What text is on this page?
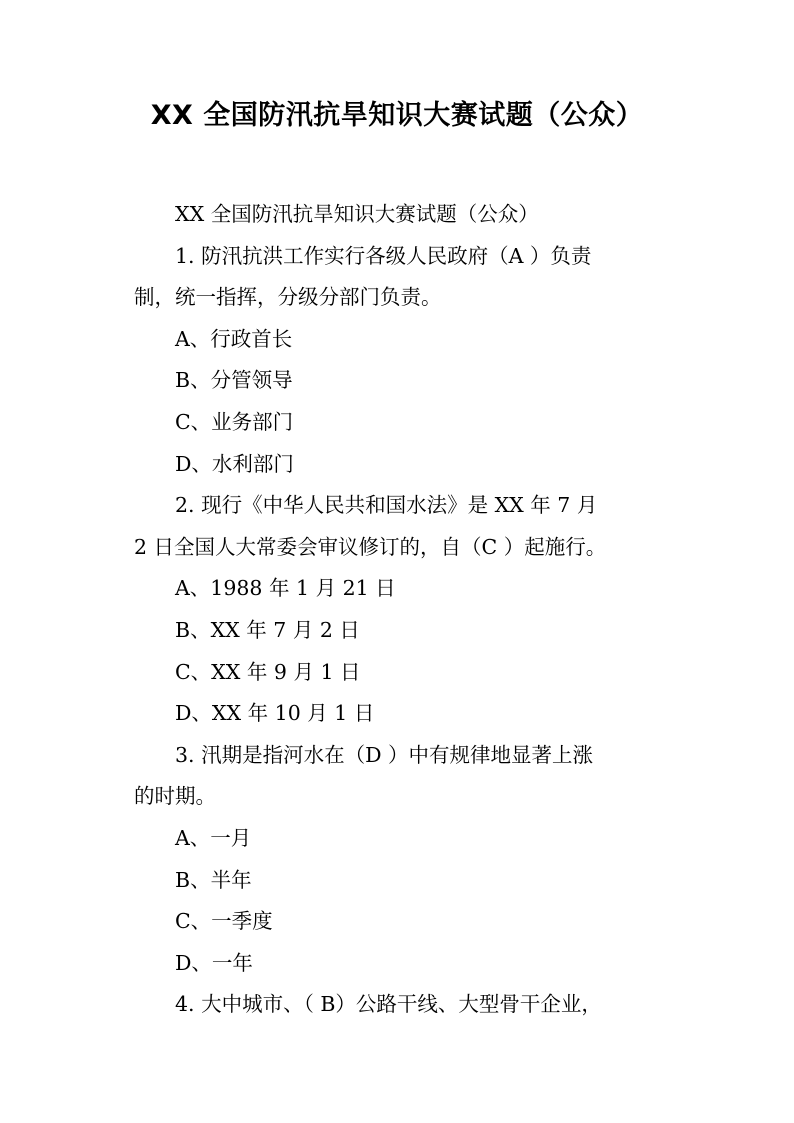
XX 全国防汛抗旱知识大赛试题（公众）

XX 全国防汛抗旱知识大赛试题（公众）

1. 防汛抗洪工作实行各级人民政府（A ）负责
制，统一指挥，分级分部门负责。

A、行政首长

B、分管领导

C、业务部门

D、水利部门

2. 现行《中华人民共和国水法》是 XX 年 7 月
2 日全国人大常委会审议修订的，自（C ）起施行。

A、1988 年 1 月 21 日

B、XX 年 7 月 2 日

C、XX 年 9 月 1 日

D、XX 年 10 月 1 日

3. 汛期是指河水在（D ）中有规律地显著上涨
的时期。

A、一月

B、半年

C、一季度

D、一年

4. 大中城市、（ B）公路干线、大型骨干企业，
